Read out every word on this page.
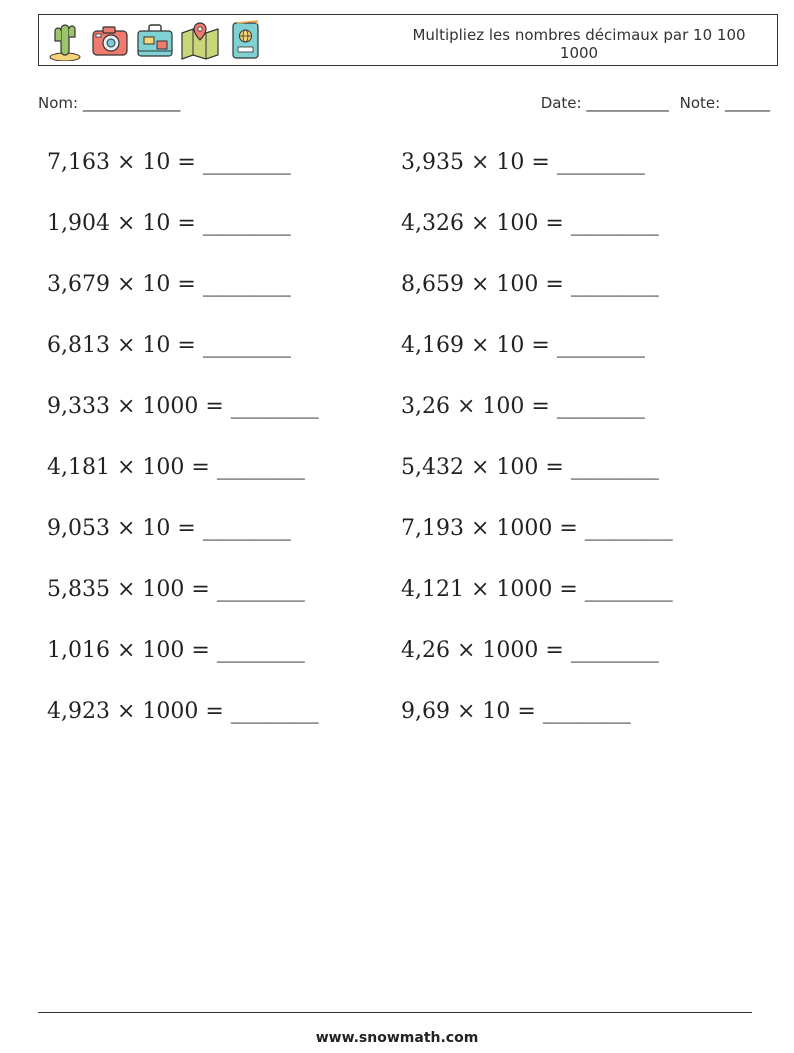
Multipliez les nombres décimaux par 10 100 1000
Nom: _____________	Date: ___________ Note: ______
7,163 × 10 = ________	3,935 × 10 = ________
1,904 × 10 = ________	4,326 × 100 = ________
3,679 × 10 = ________	8,659 × 100 = ________
6,813 × 10 = ________	4,169 × 10 = ________
9,333 × 1000 = ________	3,26 × 100 = ________
4,181 × 100 = ________	5,432 × 100 = ________
9,053 × 10 = ________	7,193 × 1000 = ________
5,835 × 100 = ________	4,121 × 1000 = ________
1,016 × 100 = ________	4,26 × 1000 = ________
4,923 × 1000 = ________	9,69 × 10 = ________
www.snowmath.com
